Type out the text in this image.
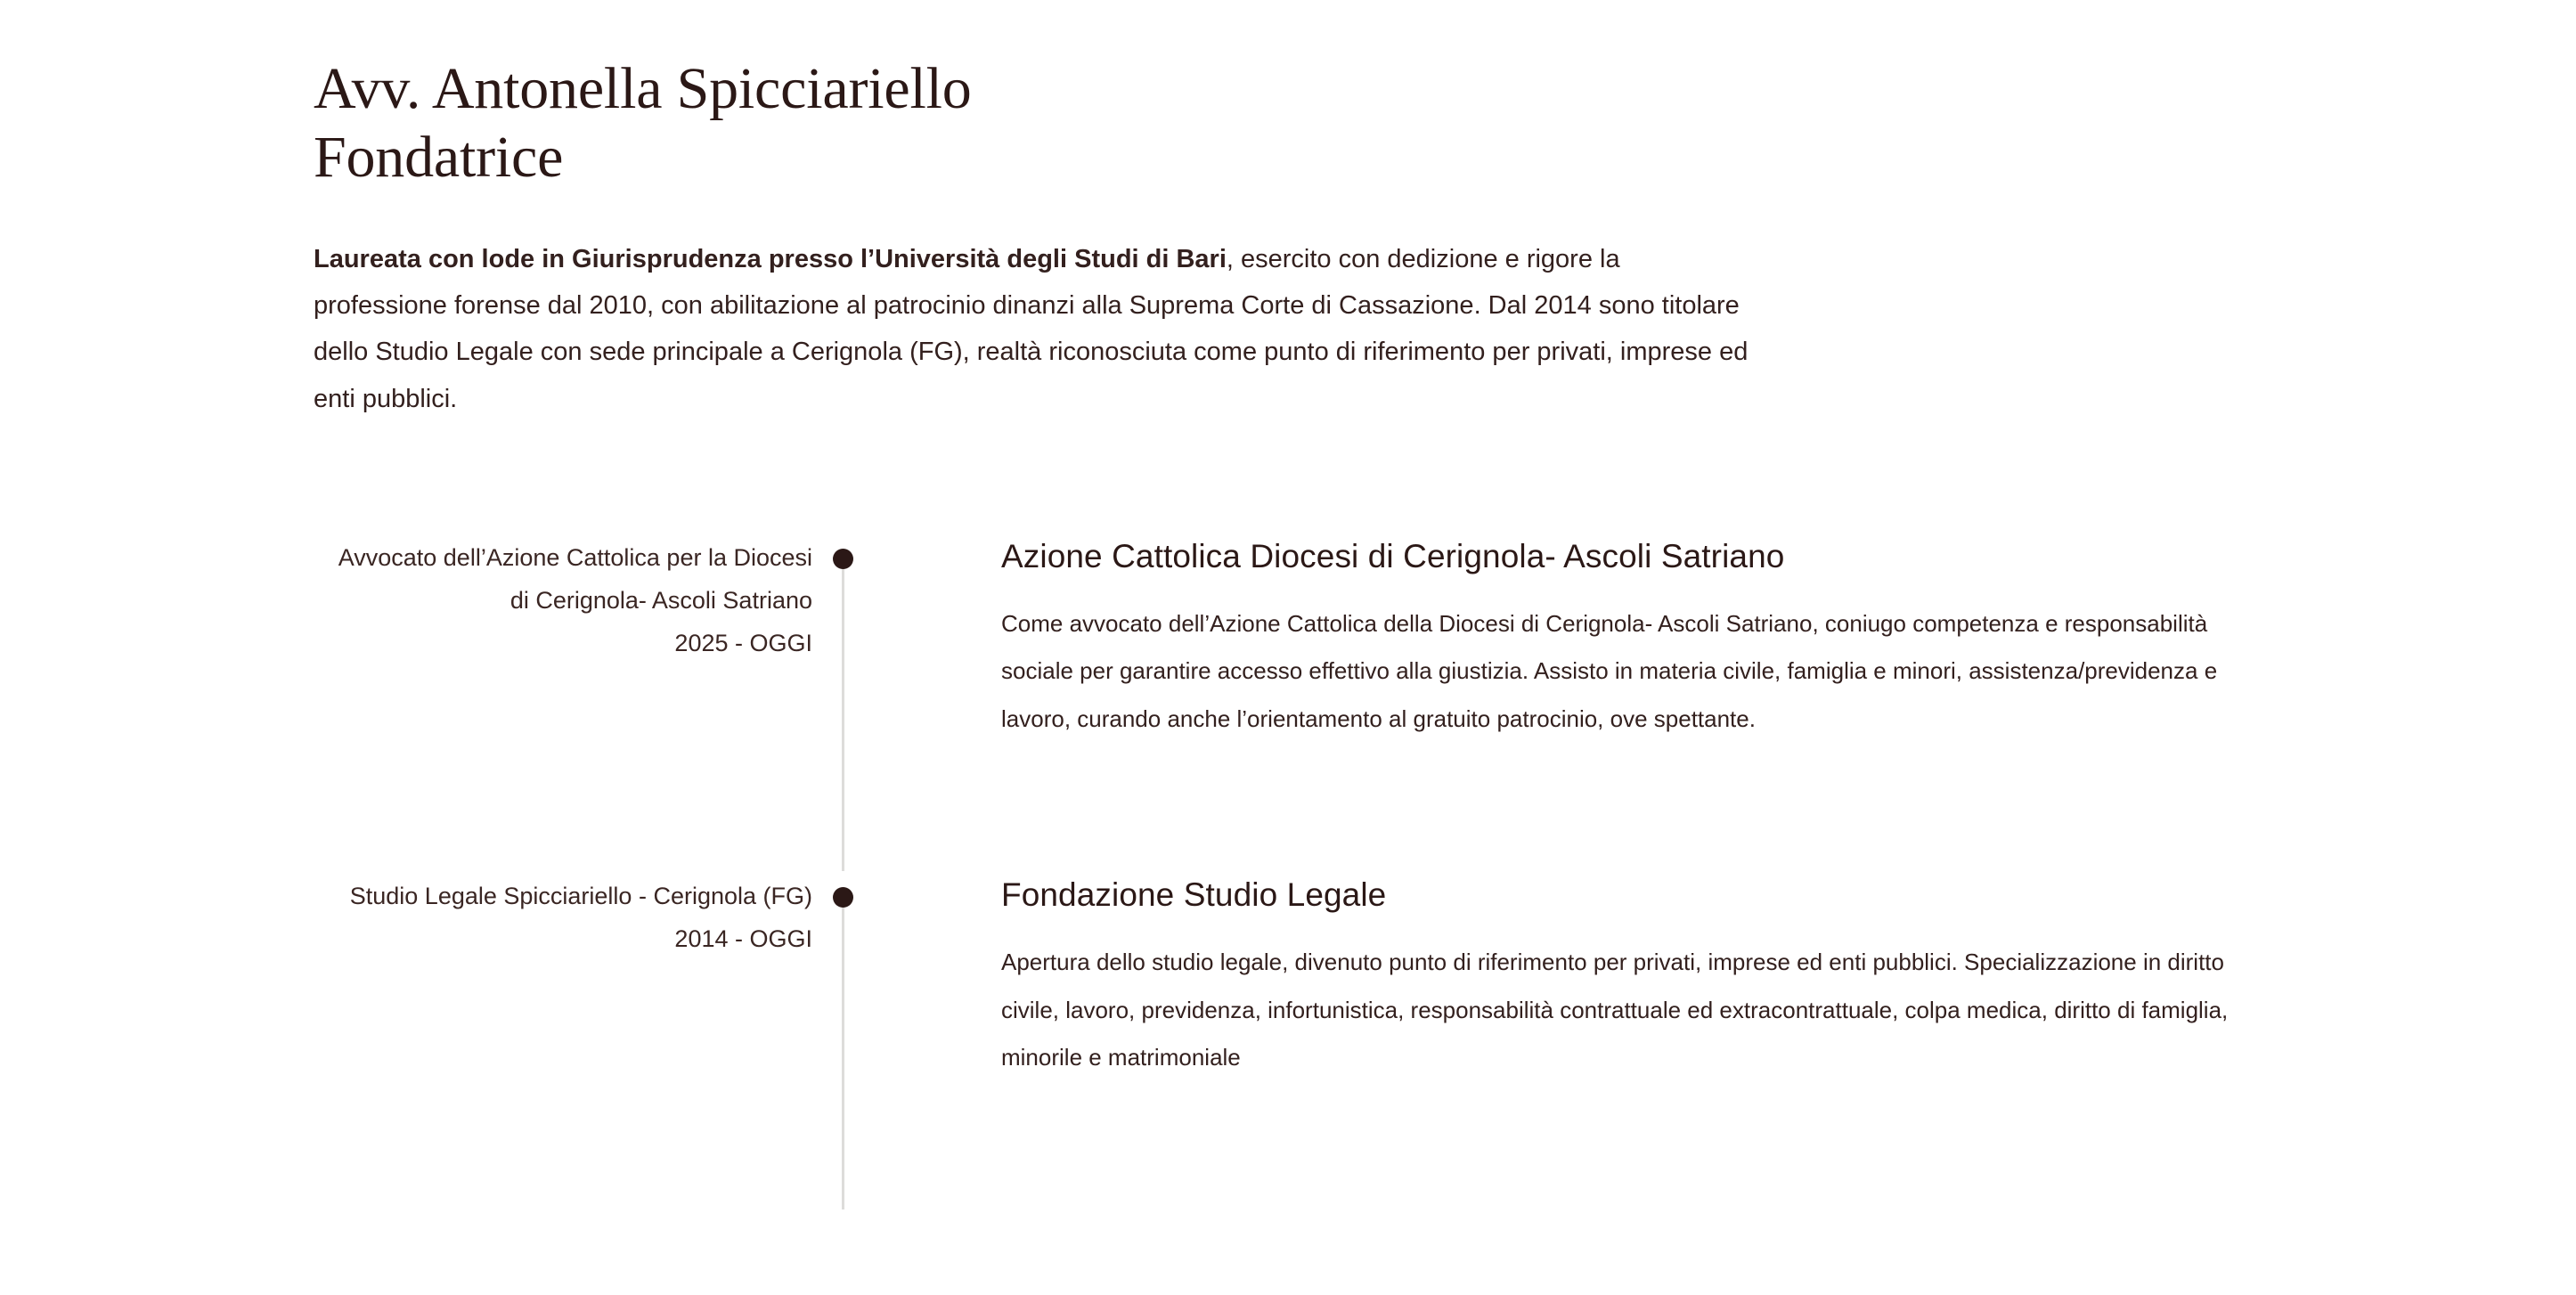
Avv. Antonella Spicciariello
Fondatrice

Laureata con lode in Giurisprudenza presso l’Università degli Studi di Bari, esercito con dedizione e rigore la professione forense dal 2010, con abilitazione al patrocinio dinanzi alla Suprema Corte di Cassazione. Dal 2014 sono titolare dello Studio Legale con sede principale a Cerignola (FG), realtà riconosciuta come punto di riferimento per privati, imprese ed enti pubblici.

Avvocato dell’Azione Cattolica per la Diocesi di Cerignola- Ascoli Satriano
2025 - OGGI
Azione Cattolica Diocesi di Cerignola- Ascoli Satriano

Come avvocato dell’Azione Cattolica della Diocesi di Cerignola- Ascoli Satriano, coniugo competenza e responsabilità sociale per garantire accesso effettivo alla giustizia. Assisto in materia civile, famiglia e minori, assistenza/previdenza e lavoro, curando anche l’orientamento al gratuito patrocinio, ove spettante.

Studio Legale Spicciariello - Cerignola (FG)
2014 - OGGI
Fondazione Studio Legale

Apertura dello studio legale, divenuto punto di riferimento per privati, imprese ed enti pubblici. Specializzazione in diritto civile, lavoro, previdenza, infortunistica, responsabilità contrattuale ed extracontrattuale, colpa medica, diritto di famiglia, minorile e matrimoniale
